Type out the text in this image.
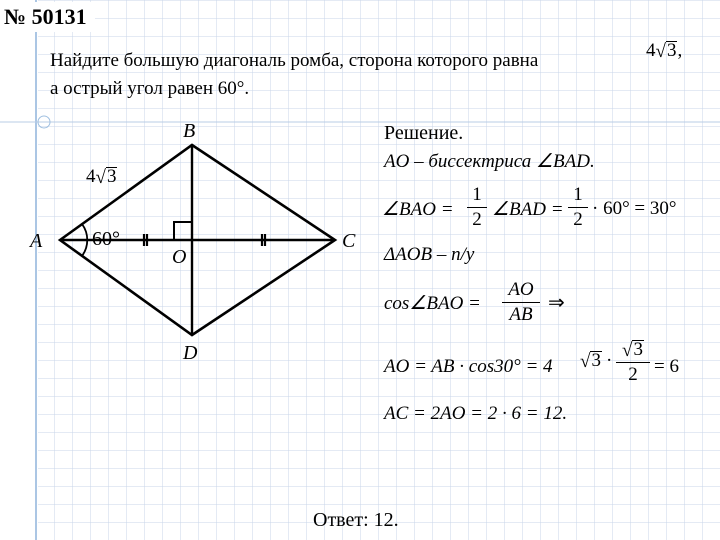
№ 50131
Найдите большую диагональ ромба, сторона которого равна	4√3,
а острый угол равен 60°.
B
A	C
O
D
4√3
60°
Решение.
AO – биссектриса ∠BAD.
∠BAO = $\frac{1}{2}$ ∠BAD = $\frac{1}{2} \cdot 60^\circ = 30^\circ$
ΔAOB – п/у
cos∠BAO = $\frac{AO}{AB}$ ⇒
AO = AB · cos30° = 4 $√3 \cdot \frac{√3}{2} = 6$
AC = 2AO = 2 · 6 = 12.
Ответ: 12.
